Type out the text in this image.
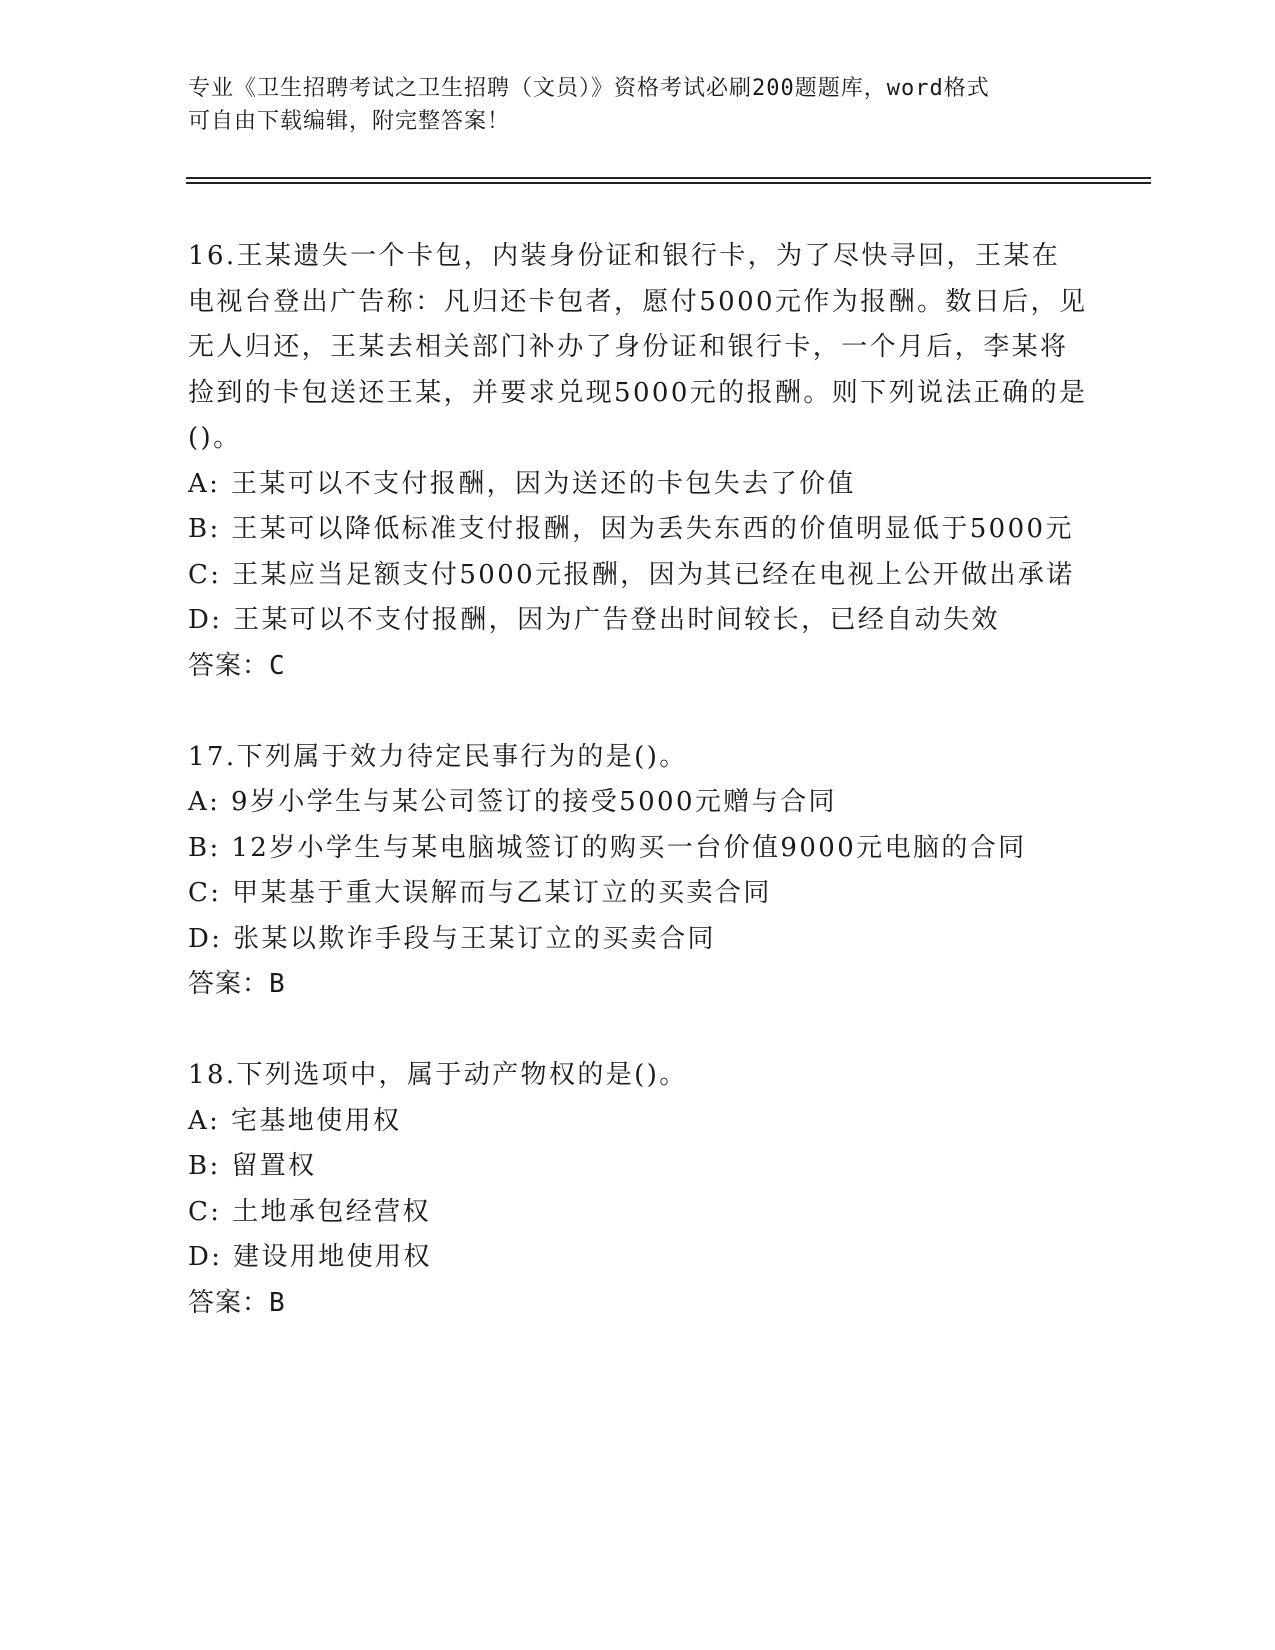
专业《卫生招聘考试之卫生招聘（文员）》资格考试必刷200题题库，word格式
可自由下载编辑，附完整答案！

16.王某遗失一个卡包，内装身份证和银行卡，为了尽快寻回，王某在电视台登出广告称：凡归还卡包者，愿付5000元作为报酬。数日后，见无人归还，王某去相关部门补办了身份证和银行卡，一个月后，李某将捡到的卡包送还王某，并要求兑现5000元的报酬。则下列说法正确的是()。

A: 王某可以不支付报酬，因为送还的卡包失去了价值

B: 王某可以降低标准支付报酬，因为丢失东西的价值明显低于5000元

C: 王某应当足额支付5000元报酬，因为其已经在电视上公开做出承诺

D: 王某可以不支付报酬，因为广告登出时间较长，已经自动失效

答案：C

17.下列属于效力待定民事行为的是()。

A: 9岁小学生与某公司签订的接受5000元赠与合同

B: 12岁小学生与某电脑城签订的购买一台价值9000元电脑的合同

C: 甲某基于重大误解而与乙某订立的买卖合同

D: 张某以欺诈手段与王某订立的买卖合同

答案：B

18.下列选项中，属于动产物权的是()。

A: 宅基地使用权

B: 留置权

C: 土地承包经营权

D: 建设用地使用权

答案：B
